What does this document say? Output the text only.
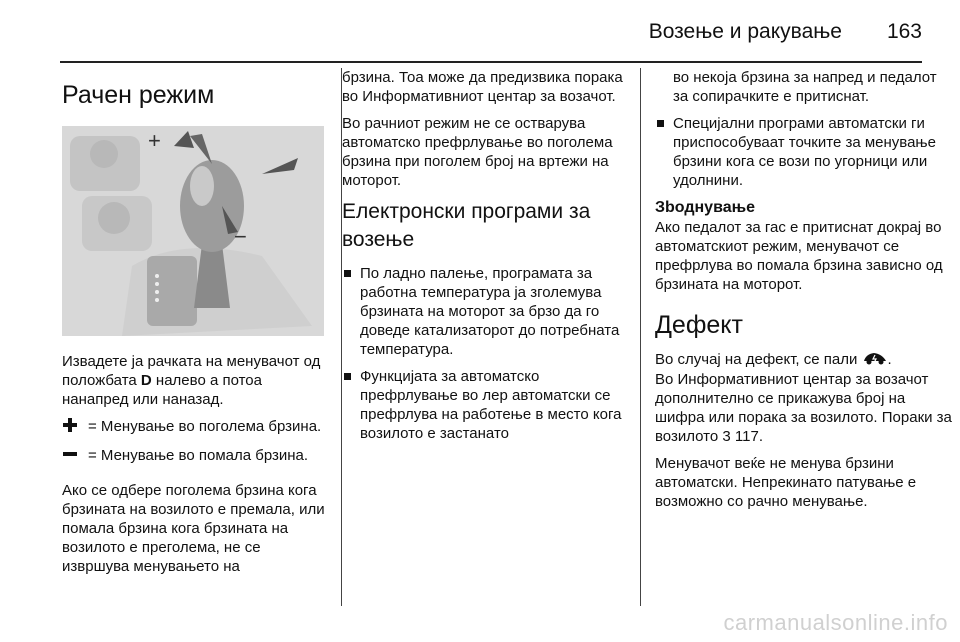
Возење и ракување 163
Рачен режим
+
−

Извадете ја рачката на менувачот од положбата D налево а потоа нанапред или наназад.

= Менување во поголема брзина.
= Менување во помала брзина.

Ако се одбере поголема брзина кога брзината на возилото е премала, или помала брзина кога брзината на возилото е преголема, не се извршува менувањето на

брзина. Тоа може да предизвика порака во Информативниот центар за возачот.

Во рачниот режим не се остварува автоматско префрлување во поголема брзина при поголем број на вртежи на моторот.

Електронски програми за возење
По ладно палење, програмата за работна температура ја зголемува брзината на моторот за брзо да го доведе катализаторот до потребната температура.
Функцијата за автоматско префрлување во лер автоматски се префрлува на работење в место кога возилото е застанато

во некоја брзина за напред и педалот за сопирачките е притиснат.

Специјални програми автоматски ги приспособуваат точките за менување брзини кога се вози по угорници или удолнини.
Зbоднување

Ако педалот за гас е притиснат докрај во автоматскиот режим, менувачот се префрлува во помала брзина зависно од брзината на моторот.

Дефект

Во случај на дефект, се пали .
Во Информативниот центар за возачот дополнително се прикажува број на шифра или порака за возилото. Пораки за возилото 3 117.

Менувачот веќе не менува брзини автоматски. Непрекинато патување е возможно со рачно менување.

carmanualsonline.info
